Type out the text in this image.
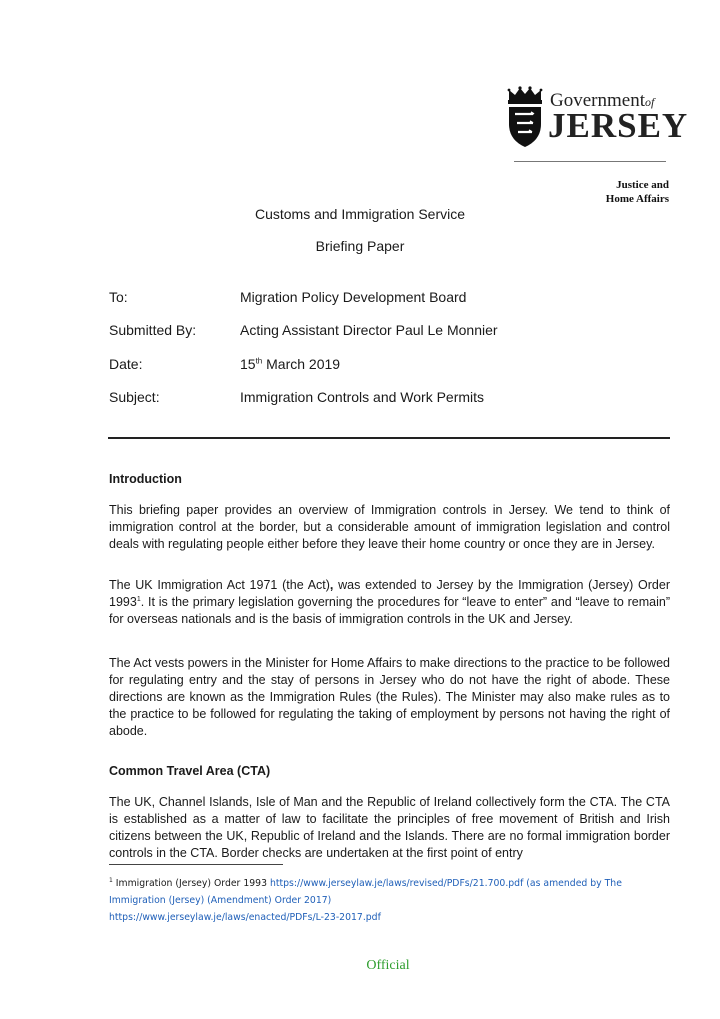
Governmentof
JERSEY
Justice and
Home Affairs
Customs and Immigration Service
Briefing Paper
To:	Migration Policy Development Board
Submitted By:	Acting Assistant Director Paul Le Monnier
Date:	15th March 2019
Subject:	Immigration Controls and Work Permits
Introduction
This briefing paper provides an overview of Immigration controls in Jersey. We tend to think of immigration control at the border, but a considerable amount of immigration legislation and control deals with regulating people either before they leave their home country or once they are in Jersey.
The UK Immigration Act 1971 (the Act), was extended to Jersey by the Immigration (Jersey) Order 1993$^1$. It is the primary legislation governing the procedures for “leave to enter” and “leave to remain” for overseas nationals and is the basis of immigration controls in the UK and Jersey.
The Act vests powers in the Minister for Home Affairs to make directions to the practice to be followed for regulating entry and the stay of persons in Jersey who do not have the right of abode. These directions are known as the Immigration Rules (the Rules). The Minister may also make rules as to the practice to be followed for regulating the taking of employment by persons not having the right of abode.
Common Travel Area (CTA)
The UK, Channel Islands, Isle of Man and the Republic of Ireland collectively form the CTA. The CTA is established as a matter of law to facilitate the principles of free movement of British and Irish citizens between the UK, Republic of Ireland and the Islands. There are no formal immigration border controls in the CTA. Border checks are undertaken at the first point of entry
$^1$ Immigration (Jersey) Order 1993 https://www.jerseylaw.je/laws/revised/PDFs/21.700.pdf (as amended by The Immigration (Jersey) (Amendment) Order 2017)
https://www.jerseylaw.je/laws/enacted/PDFs/L-23-2017.pdf
Official
